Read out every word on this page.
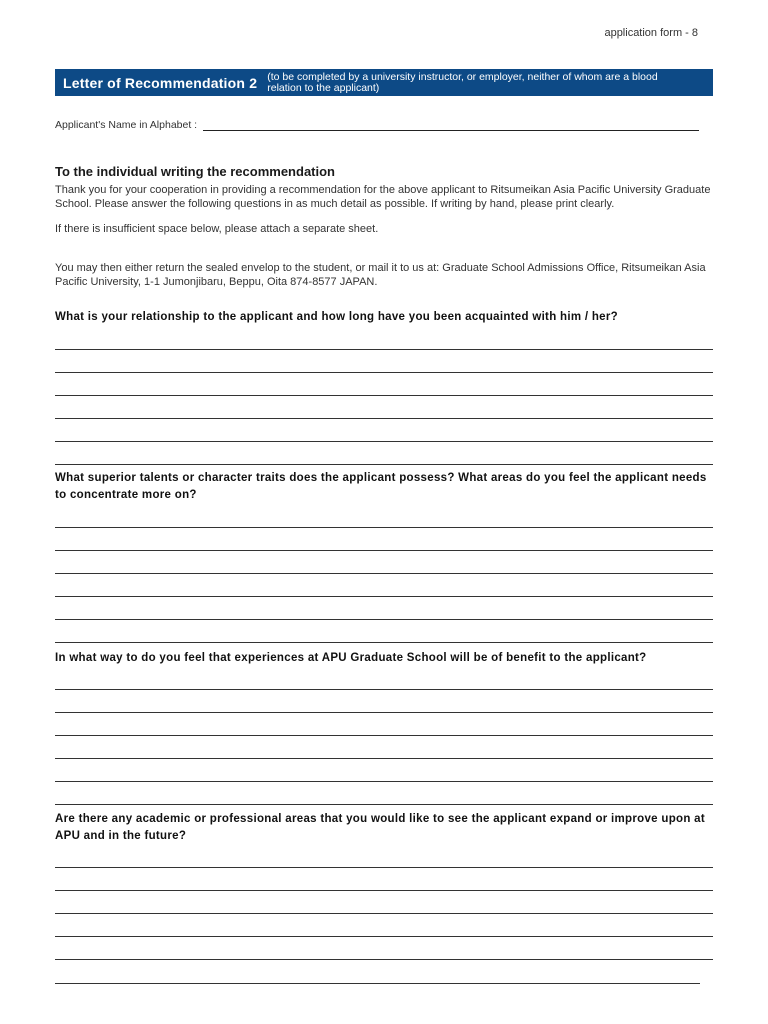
application form - 8
Letter of Recommendation 2 (to be completed by a university instructor, or employer, neither of whom are a blood relation to the applicant)
Applicant's Name in Alphabet :
To the individual writing the recommendation
Thank you for your cooperation in providing a recommendation for the above applicant to Ritsumeikan Asia Pacific University Graduate School. Please answer the following questions in as much detail as possible. If writing by hand, please print clearly.
If there is insufficient space below, please attach a separate sheet.
You may then either return the sealed envelop to the student, or mail it to us at: Graduate School Admissions Office, Ritsumeikan Asia Pacific University, 1-1 Jumonjibaru, Beppu, Oita 874-8577 JAPAN.
What is your relationship to the applicant and how long have you been acquainted with him / her?
What superior talents or character traits does the applicant possess? What areas do you feel the applicant needs to concentrate more on?
In what way to do you feel that experiences at APU Graduate School will be of benefit to the applicant?
Are there any academic or professional areas that you would like to see the applicant expand or improve upon at APU and in the future?
